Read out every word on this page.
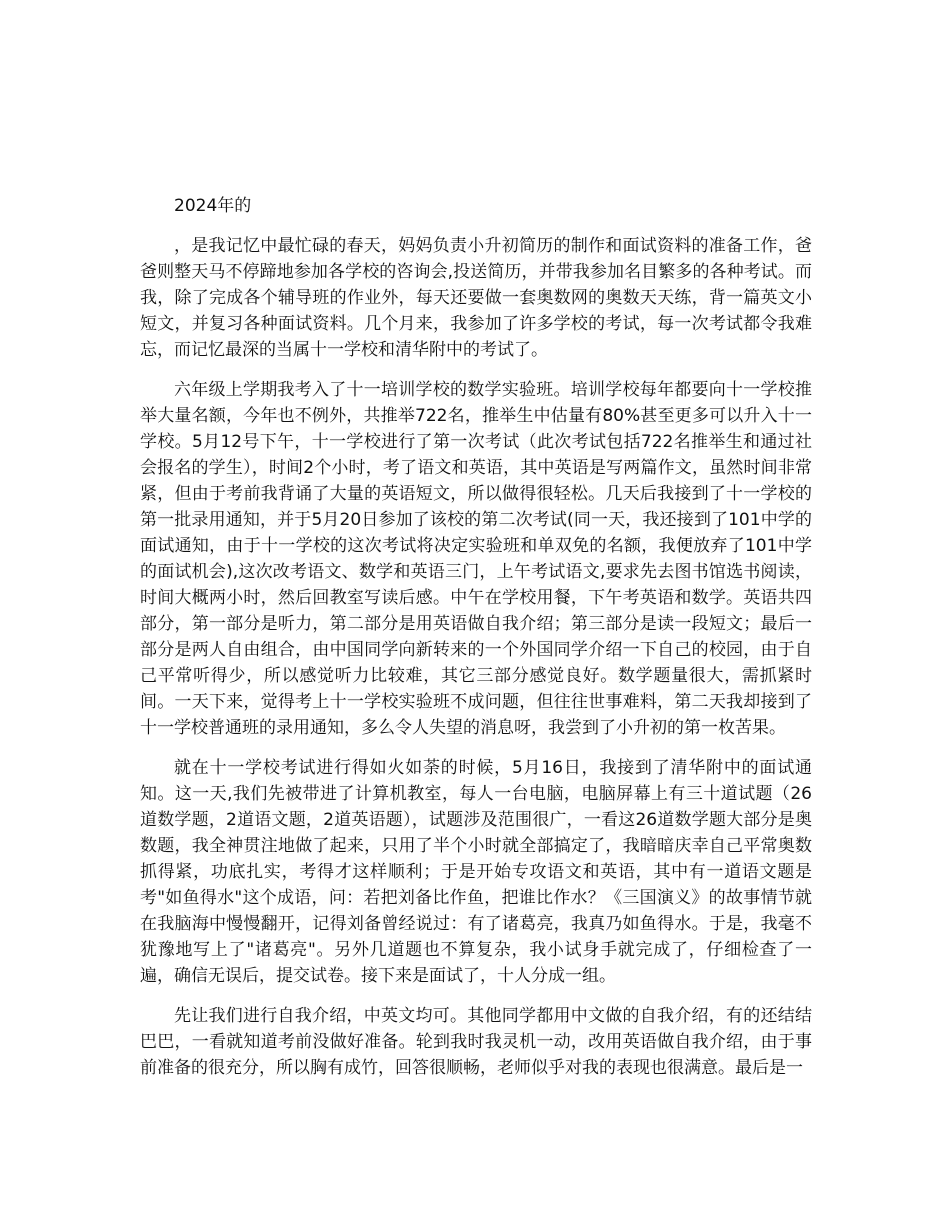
2024年的

，是我记忆中最忙碌的春天，妈妈负责小升初简历的制作和面试资料的准备工作，爸爸则整天马不停蹄地参加各学校的咨询会,投送简历，并带我参加名目繁多的各种考试。而我，除了完成各个辅导班的作业外，每天还要做一套奥数网的奥数天天练，背一篇英文小短文，并复习各种面试资料。几个月来，我参加了许多学校的考试，每一次考试都令我难忘，而记忆最深的当属十一学校和清华附中的考试了。

六年级上学期我考入了十一培训学校的数学实验班。培训学校每年都要向十一学校推举大量名额，今年也不例外，共推举722名，推举生中估量有80%甚至更多可以升入十一学校。5月12号下午，十一学校进行了第一次考试（此次考试包括722名推举生和通过社会报名的学生），时间2个小时，考了语文和英语，其中英语是写两篇作文，虽然时间非常紧，但由于考前我背诵了大量的英语短文，所以做得很轻松。几天后我接到了十一学校的第一批录用通知，并于5月20日参加了该校的第二次考试(同一天，我还接到了101中学的面试通知，由于十一学校的这次考试将决定实验班和单双免的名额，我便放弃了101中学的面试机会),这次改考语文、数学和英语三门，上午考试语文,要求先去图书馆选书阅读，时间大概两小时，然后回教室写读后感。中午在学校用餐，下午考英语和数学。英语共四部分，第一部分是听力，第二部分是用英语做自我介绍；第三部分是读一段短文；最后一部分是两人自由组合，由中国同学向新转来的一个外国同学介绍一下自己的校园，由于自己平常听得少，所以感觉听力比较难，其它三部分感觉良好。数学题量很大，需抓紧时间。一天下来，觉得考上十一学校实验班不成问题，但往往世事难料，第二天我却接到了十一学校普通班的录用通知，多么令人失望的消息呀，我尝到了小升初的第一枚苦果。

就在十一学校考试进行得如火如荼的时候，5月16日，我接到了清华附中的面试通知。这一天,我们先被带进了计算机教室，每人一台电脑，电脑屏幕上有三十道试题（26道数学题，2道语文题，2道英语题），试题涉及范围很广，一看这26道数学题大部分是奥数题，我全神贯注地做了起来，只用了半个小时就全部搞定了，我暗暗庆幸自己平常奥数抓得紧，功底扎实，考得才这样顺利；于是开始专攻语文和英语，其中有一道语文题是考"如鱼得水"这个成语，问：若把刘备比作鱼，把谁比作水？《三国演义》的故事情节就在我脑海中慢慢翻开，记得刘备曾经说过：有了诸葛亮，我真乃如鱼得水。于是，我毫不犹豫地写上了"诸葛亮"。另外几道题也不算复杂，我小试身手就完成了，仔细检查了一遍，确信无误后，提交试卷。接下来是面试了，十人分成一组。

先让我们进行自我介绍，中英文均可。其他同学都用中文做的自我介绍，有的还结结巴巴，一看就知道考前没做好准备。轮到我时我灵机一动，改用英语做自我介绍，由于事前准备的很充分，所以胸有成竹，回答很顺畅，老师似乎对我的表现也很满意。最后是一
